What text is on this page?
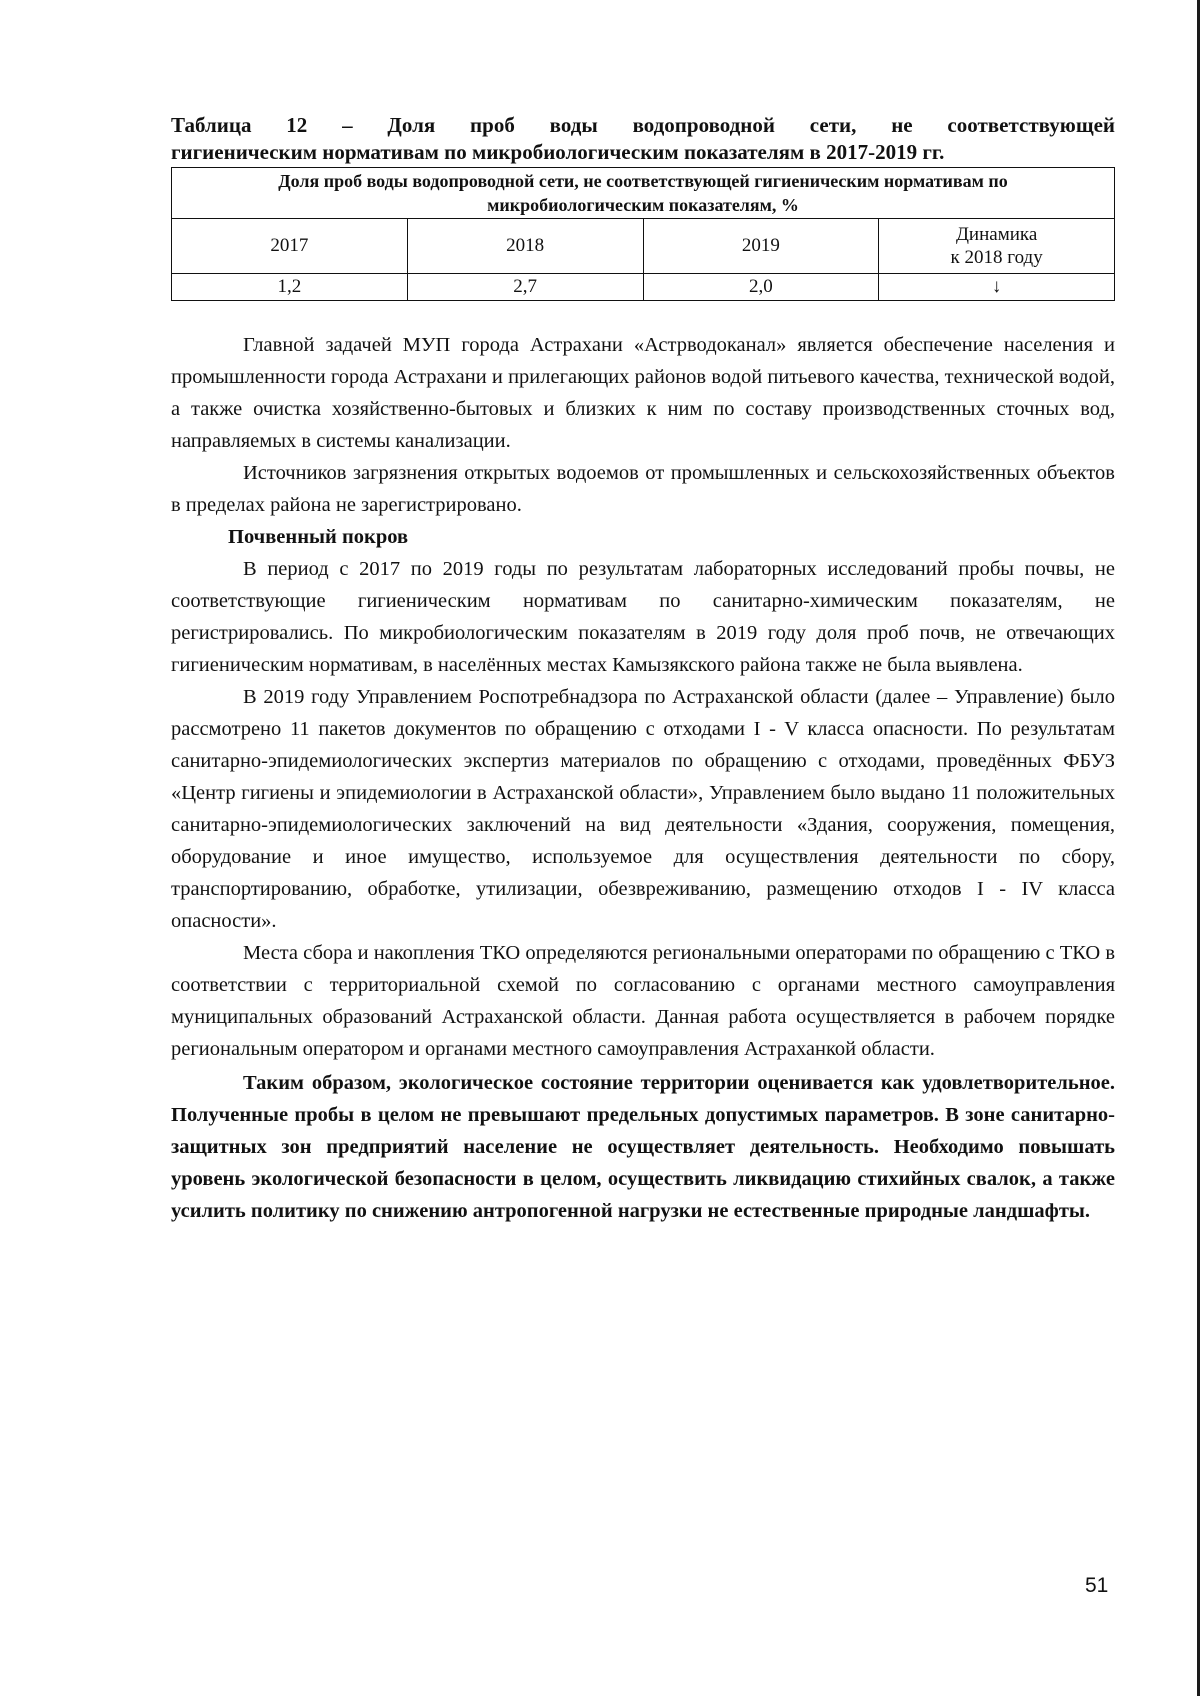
Таблица 12 – Доля проб воды водопроводной сети, не соответствующей
гигиеническим нормативам по микробиологическим показателям в 2017-2019 гг.

Доля проб воды водопроводной сети, не соответствующей гигиеническим нормативам по
микробиологическим показателям, %			
2017	2018	2019	Динамика
к 2018 году
1,2	2,7	2,0	↓

Главной задачей МУП города Астрахани «Астрводоканал» является обеспечение населения и промышленности города Астрахани и прилегающих районов водой питьевого качества, технической водой, а также очистка хозяйственно-бытовых и близких к ним по составу производственных сточных вод, направляемых в системы канализации.

Источников загрязнения открытых водоемов от промышленных и сельскохозяйственных объектов в пределах района не зарегистрировано.

Почвенный покров

В период с 2017 по 2019 годы по результатам лабораторных исследований пробы почвы, не соответствующие гигиеническим нормативам по санитарно-химическим показателям, не регистрировались. По микробиологическим показателям в 2019 году доля проб почв, не отвечающих гигиеническим нормативам, в населённых местах Камызякского района также не была выявлена.

В 2019 году Управлением Роспотребнадзора по Астраханской области (далее – Управление) было рассмотрено 11 пакетов документов по обращению с отходами I - V класса опасности. По результатам санитарно-эпидемиологических экспертиз материалов по обращению с отходами, проведённых ФБУЗ «Центр гигиены и эпидемиологии в Астраханской области», Управлением было выдано 11 положительных санитарно-эпидемиологических заключений на вид деятельности «Здания, сооружения, помещения, оборудование и иное имущество, используемое для осуществления деятельности по сбору, транспортированию, обработке, утилизации, обезвреживанию, размещению отходов I - IV класса опасности».

Места сбора и накопления ТКО определяются региональными операторами по обращению с ТКО в соответствии с территориальной схемой по согласованию с органами местного самоуправления муниципальных образований Астраханской области. Данная работа осуществляется в рабочем порядке региональным оператором и органами местного самоуправления Астраханкой области.

Таким образом, экологическое состояние территории оценивается как удовлетворительное. Полученные пробы в целом не превышают предельных допустимых параметров. В зоне санитарно-защитных зон предприятий население не осуществляет деятельность. Необходимо повышать уровень экологической безопасности в целом, осуществить ликвидацию стихийных свалок, а также усилить политику по снижению антропогенной нагрузки не естественные природные ландшафты.

51
